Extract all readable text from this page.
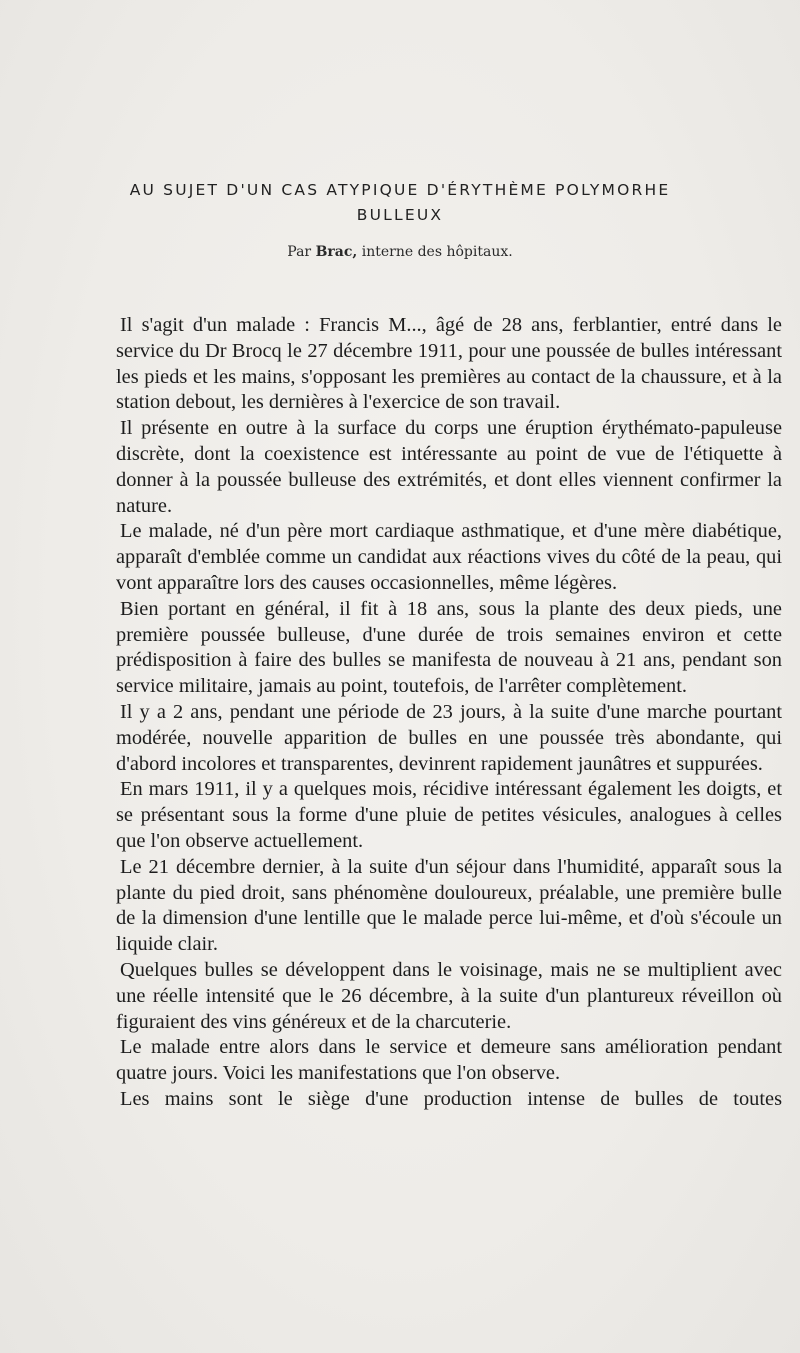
AU SUJET D'UN CAS ATYPIQUE D'ÉRYTHÈME POLYMORHE
BULLEUX
Par Brac, interne des hôpitaux.

Il s'agit d'un malade : Francis M..., âgé de 28 ans, ferblantier, entré dans le service du Dr Brocq le 27 décembre 1911, pour une poussée de bulles intéressant les pieds et les mains, s'opposant les premières au contact de la chaussure, et à la station debout, les dernières à l'exercice de son travail.

Il présente en outre à la surface du corps une éruption érythémato-papuleuse discrète, dont la coexistence est intéressante au point de vue de l'étiquette à donner à la poussée bulleuse des extrémités, et dont elles viennent confirmer la nature.

Le malade, né d'un père mort cardiaque asthmatique, et d'une mère diabétique, apparaît d'emblée comme un candidat aux réactions vives du côté de la peau, qui vont apparaître lors des causes occasionnelles, même légères.

Bien portant en général, il fit à 18 ans, sous la plante des deux pieds, une première poussée bulleuse, d'une durée de trois semaines environ et cette prédisposition à faire des bulles se manifesta de nouveau à 21 ans, pendant son service militaire, jamais au point, toutefois, de l'arrêter complètement.

Il y a 2 ans, pendant une période de 23 jours, à la suite d'une marche pourtant modérée, nouvelle apparition de bulles en une poussée très abondante, qui d'abord incolores et transparentes, devinrent rapidement jaunâtres et suppurées.

En mars 1911, il y a quelques mois, récidive intéressant également les doigts, et se présentant sous la forme d'une pluie de petites vésicules, analogues à celles que l'on observe actuellement.

Le 21 décembre dernier, à la suite d'un séjour dans l'humidité, apparaît sous la plante du pied droit, sans phénomène douloureux, préalable, une première bulle de la dimension d'une lentille que le malade perce lui-même, et d'où s'écoule un liquide clair.

Quelques bulles se développent dans le voisinage, mais ne se multiplient avec une réelle intensité que le 26 décembre, à la suite d'un plantureux réveillon où figuraient des vins généreux et de la charcuterie.

Le malade entre alors dans le service et demeure sans amélioration pendant quatre jours. Voici les manifestations que l'on observe.

Les mains sont le siège d'une production intense de bulles de toutes
